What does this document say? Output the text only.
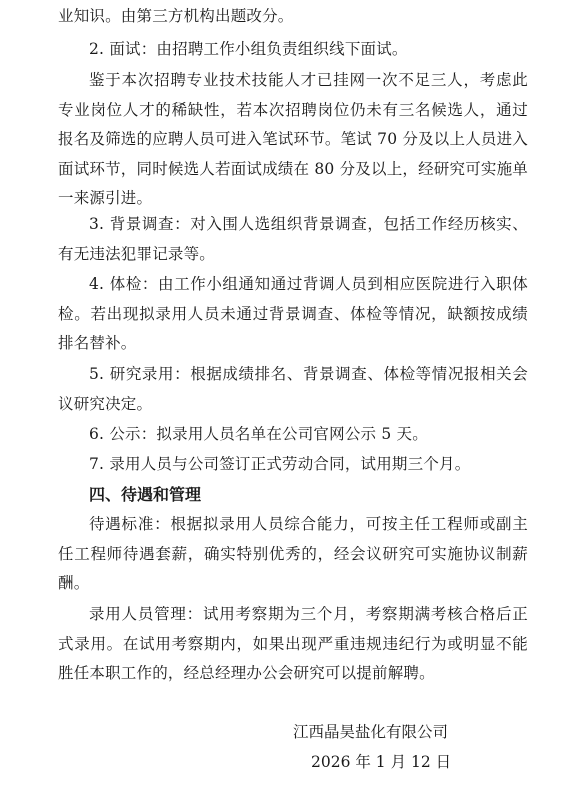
业知识。由第三方机构出题改分。

2. 面试：由招聘工作小组负责组织线下面试。

鉴于本次招聘专业技术技能人才已挂网一次不足三人，考虑此专业岗位人才的稀缺性，若本次招聘岗位仍未有三名候选人，通过报名及筛选的应聘人员可进入笔试环节。笔试 70 分及以上人员进入面试环节，同时候选人若面试成绩在 80 分及以上，经研究可实施单一来源引进。

3. 背景调查：对入围人选组织背景调查，包括工作经历核实、有无违法犯罪记录等。

4. 体检：由工作小组通知通过背调人员到相应医院进行入职体检。若出现拟录用人员未通过背景调查、体检等情况，缺额按成绩排名替补。

5. 研究录用：根据成绩排名、背景调查、体检等情况报相关会议研究决定。

6. 公示：拟录用人员名单在公司官网公示 5 天。

7. 录用人员与公司签订正式劳动合同，试用期三个月。

四、待遇和管理

待遇标准：根据拟录用人员综合能力，可按主任工程师或副主任工程师待遇套薪，确实特别优秀的，经会议研究可实施协议制薪酬。

录用人员管理：试用考察期为三个月，考察期满考核合格后正式录用。在试用考察期内，如果出现严重违规违纪行为或明显不能胜任本职工作的，经总经理办公会研究可以提前解聘。

江西晶昊盐化有限公司

2026 年 1 月 12 日
